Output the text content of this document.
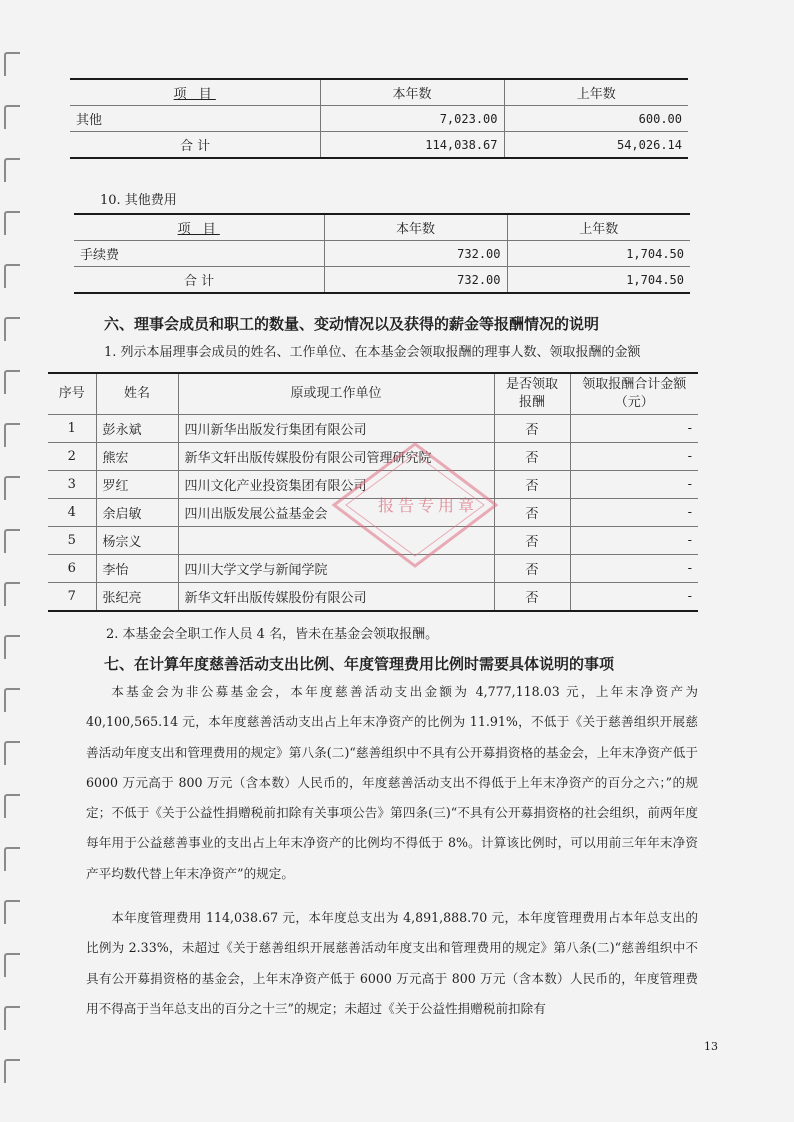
项 目	本年数	上年数
其他	7,023.00	600.00
合 计	114,038.67	54,026.14
10. 其他费用
项 目	本年数	上年数
手续费	732.00	1,704.50
合 计	732.00	1,704.50
六、理事会成员和职工的数量、变动情况以及获得的薪金等报酬情况的说明
1. 列示本届理事会成员的姓名、工作单位、在本基金会领取报酬的理事人数、领取报酬的金额
序号	姓名	原或现工作单位	是否领取报酬	领取报酬合计金额（元）
1	彭永斌	四川新华出版发行集团有限公司	否	-
2	熊宏	新华文轩出版传媒股份有限公司管理研究院	否	-
3	罗红	四川文化产业投资集团有限公司	否	-
4	余启敏	四川出版发展公益基金会	否	-
5	杨宗义		否	-
6	李怡	四川大学文学与新闻学院	否	-
7	张纪亮	新华文轩出版传媒股份有限公司	否	-
报告专用章
2. 本基金会全职工作人员 4 名，皆未在基金会领取报酬。
七、在计算年度慈善活动支出比例、年度管理费用比例时需要具体说明的事项
本基金会为非公募基金会，本年度慈善活动支出金额为 4,777,118.03 元，上年末净资产为 40,100,565.14 元，本年度慈善活动支出占上年末净资产的比例为 11.91%，不低于《关于慈善组织开展慈善活动年度支出和管理费用的规定》第八条(二)“慈善组织中不具有公开募捐资格的基金会，上年末净资产低于 6000 万元高于 800 万元（含本数）人民币的，年度慈善活动支出不得低于上年末净资产的百分之六；”的规定；不低于《关于公益性捐赠税前扣除有关事项公告》第四条(三)“不具有公开募捐资格的社会组织，前两年度每年用于公益慈善事业的支出占上年末净资产的比例均不得低于 8%。计算该比例时，可以用前三年年末净资产平均数代替上年末净资产”的规定。
本年度管理费用 114,038.67 元，本年度总支出为 4,891,888.70 元，本年度管理费用占本年总支出的比例为 2.33%，未超过《关于慈善组织开展慈善活动年度支出和管理费用的规定》第八条(二)“慈善组织中不具有公开募捐资格的基金会，上年末净资产低于 6000 万元高于 800 万元（含本数）人民币的，年度管理费用不得高于当年总支出的百分之十三”的规定；未超过《关于公益性捐赠税前扣除有
13
